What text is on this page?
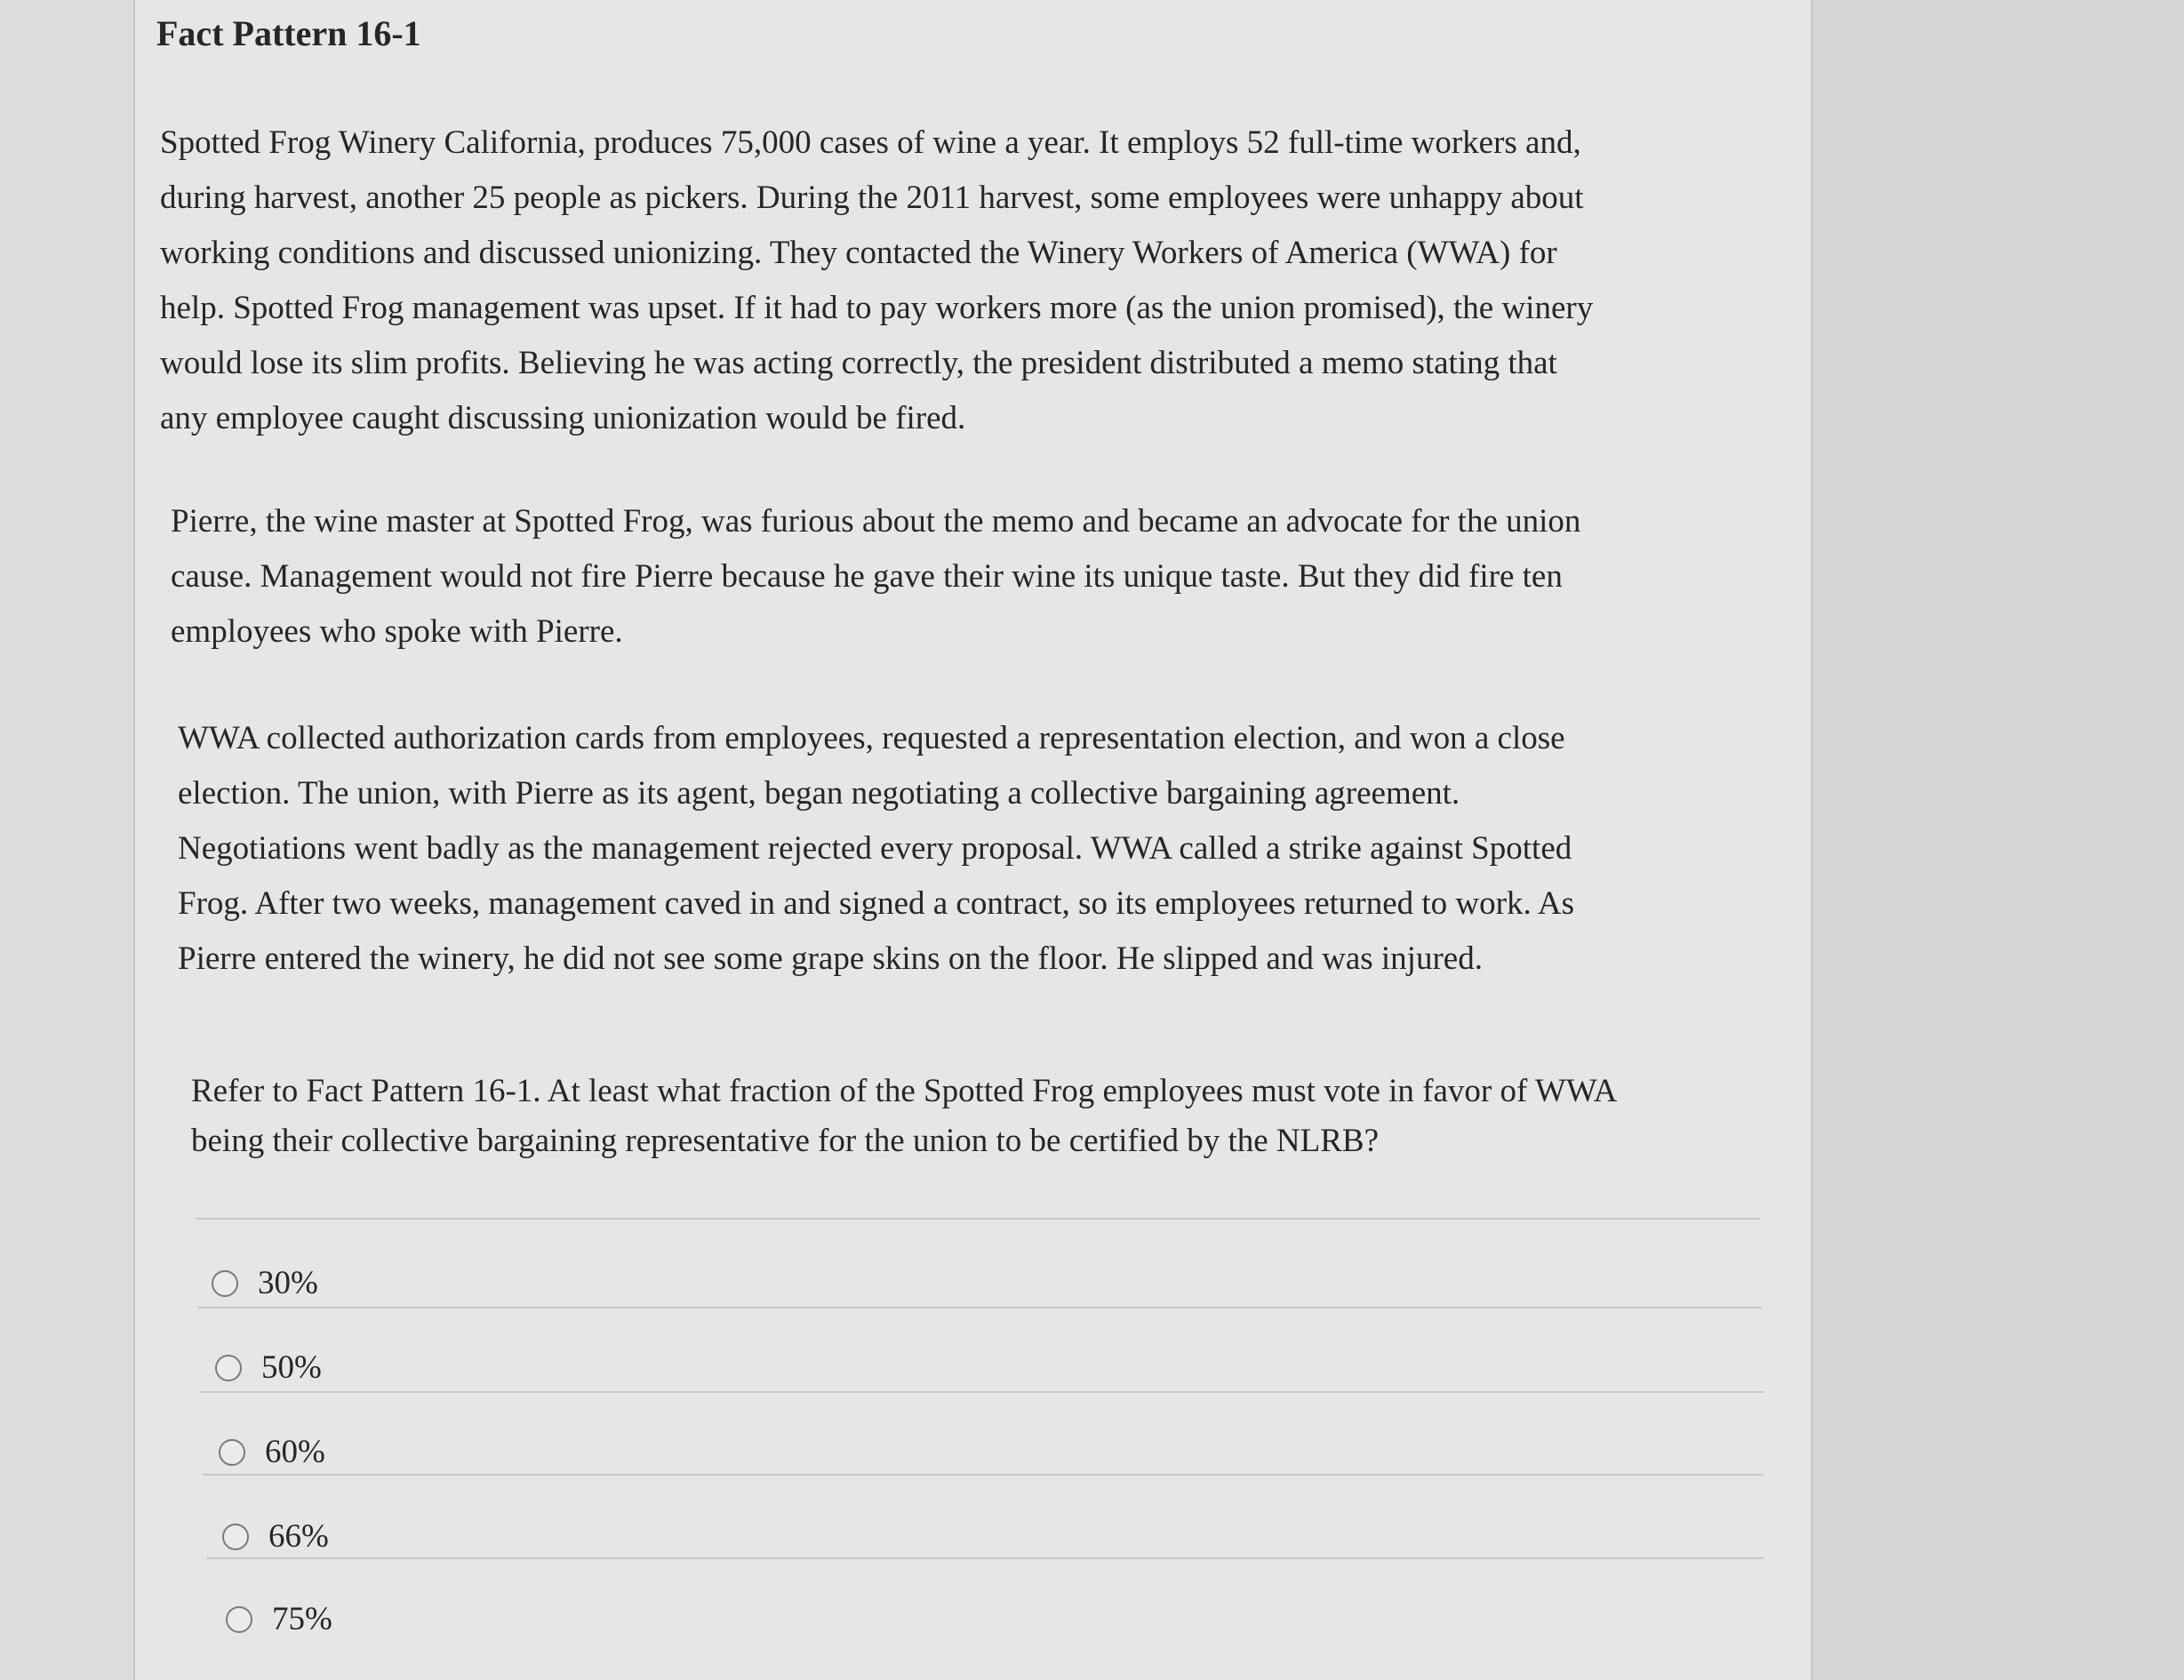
Fact Pattern 16-1
Spotted Frog Winery California, produces 75,000 cases of wine a year. It employs 52 full-time workers and,
during harvest, another 25 people as pickers. During the 2011 harvest, some employees were unhappy about
working conditions and discussed unionizing. They contacted the Winery Workers of America (WWA) for
help. Spotted Frog management was upset. If it had to pay workers more (as the union promised), the winery
would lose its slim profits. Believing he was acting correctly, the president distributed a memo stating that
any employee caught discussing unionization would be fired.
Pierre, the wine master at Spotted Frog, was furious about the memo and became an advocate for the union
cause. Management would not fire Pierre because he gave their wine its unique taste. But they did fire ten
employees who spoke with Pierre.
WWA collected authorization cards from employees, requested a representation election, and won a close
election. The union, with Pierre as its agent, began negotiating a collective bargaining agreement.
Negotiations went badly as the management rejected every proposal. WWA called a strike against Spotted
Frog. After two weeks, management caved in and signed a contract, so its employees returned to work. As
Pierre entered the winery, he did not see some grape skins on the floor. He slipped and was injured.
Refer to Fact Pattern 16-1. At least what fraction of the Spotted Frog employees must vote in favor of WWA
being their collective bargaining representative for the union to be certified by the NLRB?
30%
50%
60%
66%
75%
